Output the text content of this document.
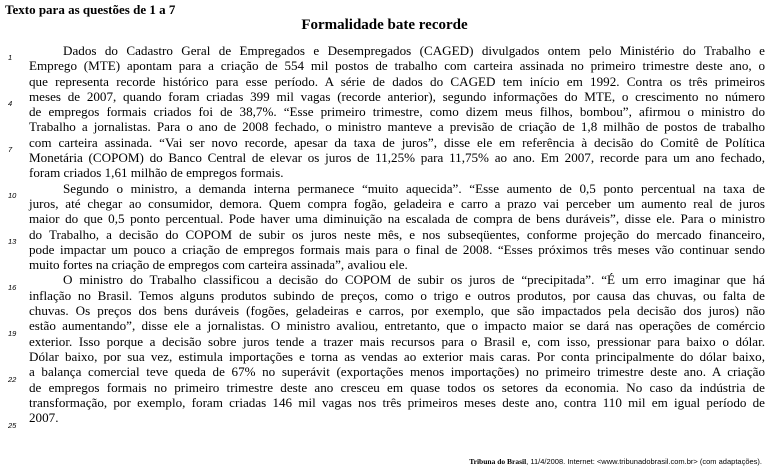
Texto para as questões de 1 a 7
Formalidade bate recorde
1
4
7
10
13
16
19
22
25
Dados do Cadastro Geral de Empregados e Desempregados (CAGED) divulgados ontem pelo Ministério do Trabalho e
Emprego (MTE) apontam para a criação de 554 mil postos de trabalho com carteira assinada no primeiro trimestre deste ano, o
que representa recorde histórico para esse período. A série de dados do CAGED tem início em 1992. Contra os três primeiros
meses de 2007, quando foram criadas 399 mil vagas (recorde anterior), segundo informações do MTE, o crescimento no número
de empregos formais criados foi de 38,7%. “Esse primeiro trimestre, como dizem meus filhos, bombou”, afirmou o ministro do
Trabalho a jornalistas. Para o ano de 2008 fechado, o ministro manteve a previsão de criação de 1,8 milhão de postos de trabalho
com carteira assinada. “Vai ser novo recorde, apesar da taxa de juros”, disse ele em referência à decisão do Comitê de Política
Monetária (COPOM) do Banco Central de elevar os juros de 11,25% para 11,75% ao ano. Em 2007, recorde para um ano fechado,
foram criados 1,61 milhão de empregos formais.
Segundo o ministro, a demanda interna permanece “muito aquecida”. “Esse aumento de 0,5 ponto percentual na taxa de
juros, até chegar ao consumidor, demora. Quem compra fogão, geladeira e carro a prazo vai perceber um aumento real de juros
maior do que 0,5 ponto percentual. Pode haver uma diminuição na escalada de compra de bens duráveis”, disse ele. Para o ministro
do Trabalho, a decisão do COPOM de subir os juros neste mês, e nos subseqüentes, conforme projeção do mercado financeiro,
pode impactar um pouco a criação de empregos formais mais para o final de 2008. “Esses próximos três meses vão continuar sendo
muito fortes na criação de empregos com carteira assinada”, avaliou ele.
O ministro do Trabalho classificou a decisão do COPOM de subir os juros de “precipitada”. “É um erro imaginar que há
inflação no Brasil. Temos alguns produtos subindo de preços, como o trigo e outros produtos, por causa das chuvas, ou falta de
chuvas. Os preços dos bens duráveis (fogões, geladeiras e carros, por exemplo, que são impactados pela decisão dos juros) não
estão aumentando”, disse ele a jornalistas. O ministro avaliou, entretanto, que o impacto maior se dará nas operações de comércio
exterior. Isso porque a decisão sobre juros tende a trazer mais recursos para o Brasil e, com isso, pressionar para baixo o dólar.
Dólar baixo, por sua vez, estimula importações e torna as vendas ao exterior mais caras. Por conta principalmente do dólar baixo,
a balança comercial teve queda de 67% no superávit (exportações menos importações) no primeiro trimestre deste ano. A criação
de empregos formais no primeiro trimestre deste ano cresceu em quase todos os setores da economia. No caso da indústria de
transformação, por exemplo, foram criadas 146 mil vagas nos três primeiros meses deste ano, contra 110 mil em igual período de
2007.
Tribuna do Brasil, 11/4/2008. Internet: <www.tribunadobrasil.com.br> (com adaptações).
